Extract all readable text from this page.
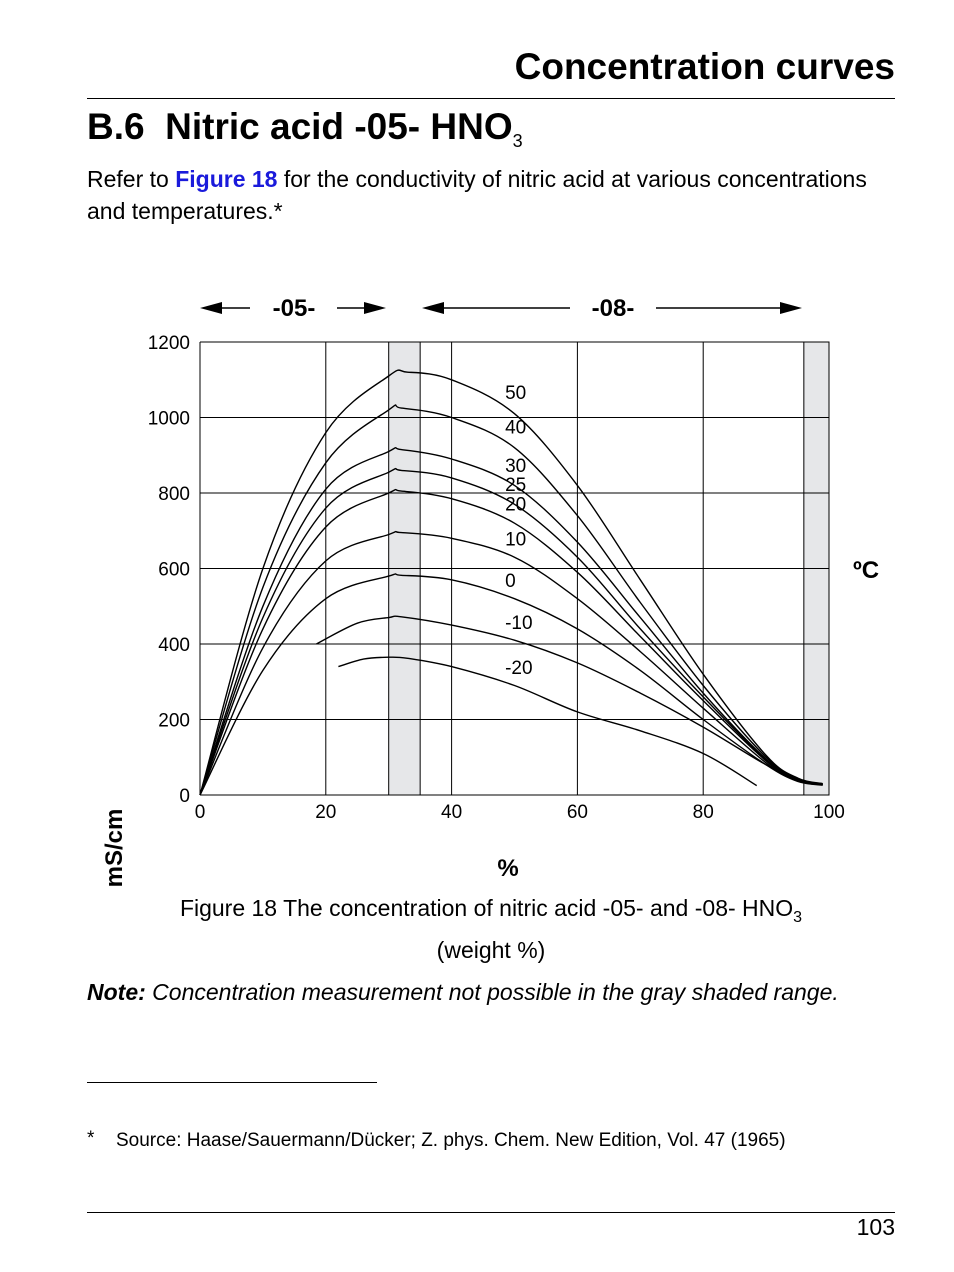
Concentration curves
B.6 Nitric acid -05- $HNO_3$
Refer to Figure 18 for the conductivity of nitric acid at various concentrations and temperatures.*
-05-	-08-
0	20	40	60	80	100
0
200
400
600
800
1000
1200
50
40
30
25
20
10
0
-10
-20
mS/cm	%
ºC
Figure 18 The concentration of nitric acid -05- and -08- $HNO_3$
(weight %)
Note: Concentration measurement not possible in the gray shaded range.
* Source: Haase/Sauermann/Dücker; Z. phys. Chem. New Edition, Vol. 47 (1965)
103
